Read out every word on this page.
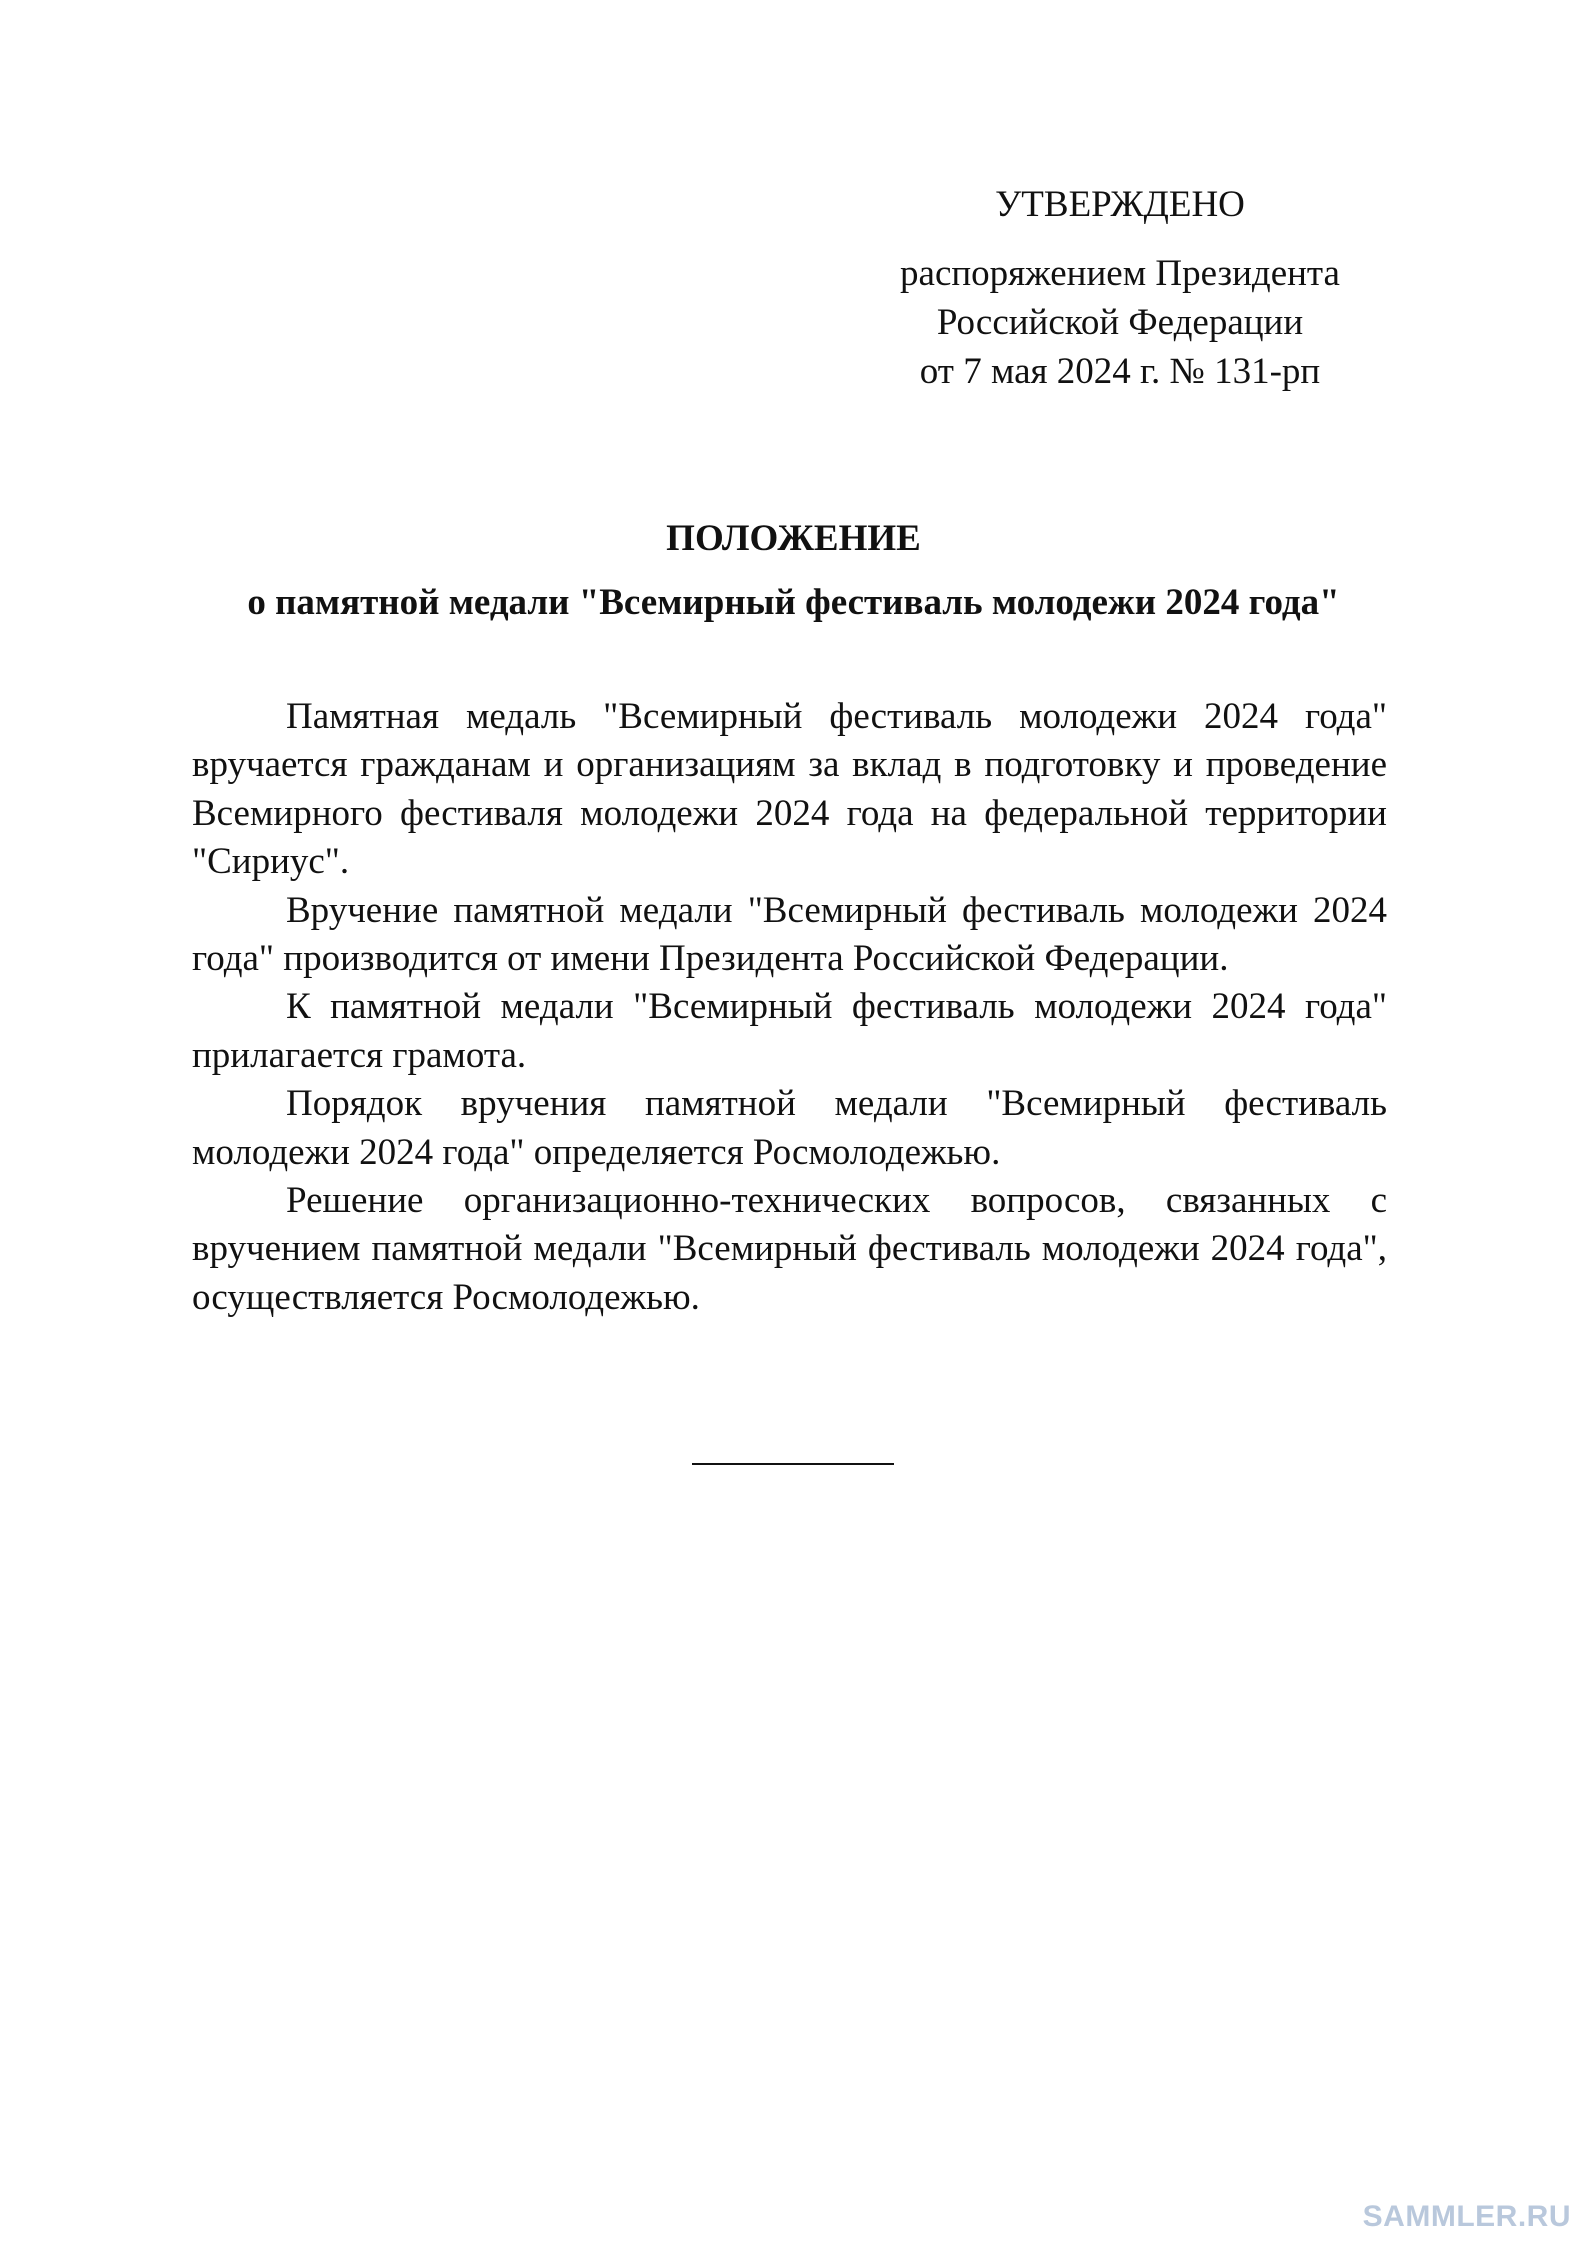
УТВЕРЖДЕНО
распоряжением Президента
Российской Федерации
от 7 мая 2024 г. № 131-рп
ПОЛОЖЕНИЕ
о памятной медали "Всемирный фестиваль молодежи 2024 года"

Памятная медаль "Всемирный фестиваль молодежи 2024 года" вручается гражданам и организациям за вклад в подготовку и проведение Всемирного фестиваля молодежи 2024 года на федеральной территории "Сириус".

Вручение памятной медали "Всемирный фестиваль молодежи 2024 года" производится от имени Президента Российской Федерации.

К памятной медали "Всемирный фестиваль молодежи 2024 года" прилагается грамота.

Порядок вручения памятной медали "Всемирный фестиваль молодежи 2024 года" определяется Росмолодежью.

Решение организационно-технических вопросов, связанных с вручением памятной медали "Всемирный фестиваль молодежи 2024 года", осуществляется Росмолодежью.

SAMMLER.RU
